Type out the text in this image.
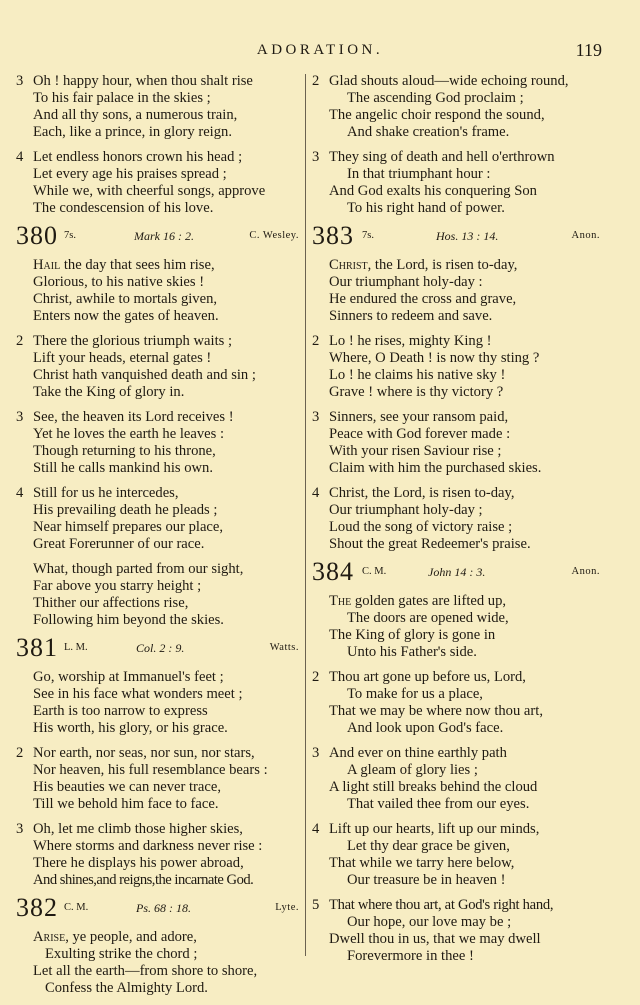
ADORATION.	119
3 Oh ! happy hour, when thou shalt rise
To his fair palace in the skies ;
And all thy sons, a numerous train,
Each, like a prince, in glory reign.
4 Let endless honors crown his head ;
Let every age his praises spread ;
While we, with cheerful songs, approve
The condescension of his love.
380 7s.	Mark 16 : 2.	C. Wesley.
Hail the day that sees him rise,
Glorious, to his native skies !
Christ, awhile to mortals given,
Enters now the gates of heaven.
2 There the glorious triumph waits ;
Lift your heads, eternal gates !
Christ hath vanquished death and sin ;
Take the King of glory in.
3 See, the heaven its Lord receives !
Yet he loves the earth he leaves :
Though returning to his throne,
Still he calls mankind his own.
4 Still for us he intercedes,
His prevailing death he pleads ;
Near himself prepares our place,
Great Forerunner of our race.
What, though parted from our sight,
Far above you starry height ;
Thither our affections rise,
Following him beyond the skies.
381 L. M.	Col. 2 : 9.	Watts.
Go, worship at Immanuel's feet ;
See in his face what wonders meet ;
Earth is too narrow to express
His worth, his glory, or his grace.
2 Nor earth, nor seas, nor sun, nor stars,
Nor heaven, his full resemblance bears :
His beauties we can never trace,
Till we behold him face to face.
3 Oh, let me climb those higher skies,
Where storms and darkness never rise :
There he displays his power abroad,
And shines,and reigns,the incarnate God.
382 C. M.	Ps. 68 : 18.	Lyte.
Arise, ye people, and adore,
Exulting strike the chord ;
Let all the earth—from shore to shore,
Confess the Almighty Lord.
2 Glad shouts aloud—wide echoing round,
The ascending God proclaim ;
The angelic choir respond the sound,
And shake creation's frame.
3 They sing of death and hell o'erthrown
In that triumphant hour :
And God exalts his conquering Son
To his right hand of power.
383 7s.	Hos. 13 : 14.	Anon.
Christ, the Lord, is risen to-day,
Our triumphant holy-day :
He endured the cross and grave,
Sinners to redeem and save.
2 Lo ! he rises, mighty King !
Where, O Death ! is now thy sting ?
Lo ! he claims his native sky !
Grave ! where is thy victory ?
3 Sinners, see your ransom paid,
Peace with God forever made :
With your risen Saviour rise ;
Claim with him the purchased skies.
4 Christ, the Lord, is risen to-day,
Our triumphant holy-day ;
Loud the song of victory raise ;
Shout the great Redeemer's praise.
384 C. M.	John 14 : 3.	Anon.
The golden gates are lifted up,
The doors are opened wide,
The King of glory is gone in
Unto his Father's side.
2 Thou art gone up before us, Lord,
To make for us a place,
That we may be where now thou art,
And look upon God's face.
3 And ever on thine earthly path
A gleam of glory lies ;
A light still breaks behind the cloud
That vailed thee from our eyes.
4 Lift up our hearts, lift up our minds,
Let thy dear grace be given,
That while we tarry here below,
Our treasure be in heaven !
5 That where thou art, at God's right hand,
Our hope, our love may be ;
Dwell thou in us, that we may dwell
Forevermore in thee !
